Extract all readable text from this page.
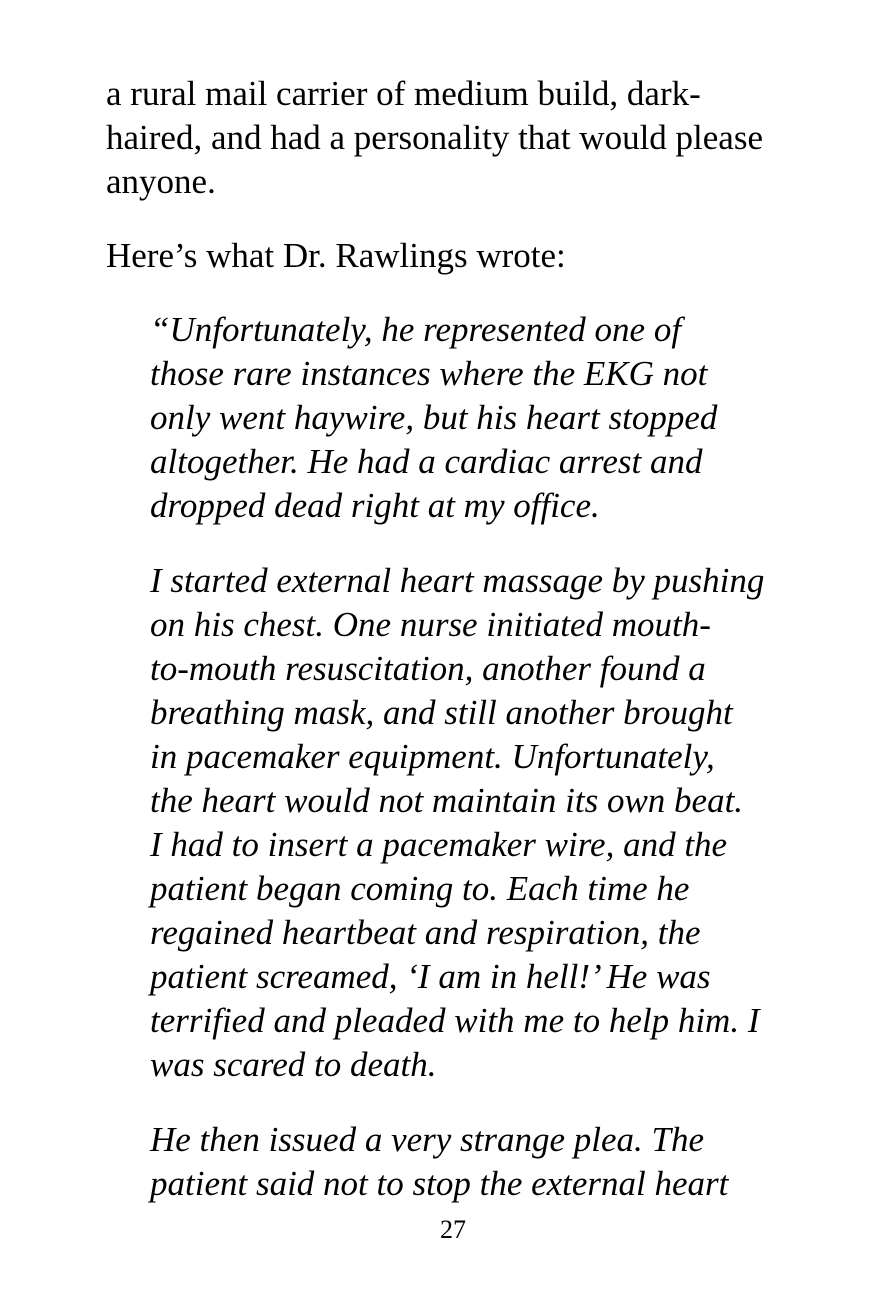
a rural mail carrier of medium build, dark-

haired, and had a personality that would please

anyone.

Here’s what Dr. Rawlings wrote:

“Unfortunately, he represented one of

those rare instances where the EKG not

only went haywire, but his heart stopped

altogether. He had a cardiac arrest and

dropped dead right at my office.

I started external heart massage by pushing

on his chest. One nurse initiated mouth-

to-mouth resuscitation, another found a

breathing mask, and still another brought

in pacemaker equipment. Unfortunately,

the heart would not maintain its own beat.

I had to insert a pacemaker wire, and the

patient began coming to. Each time he

regained heartbeat and respiration, the

patient screamed, ‘I am in hell!’ He was

terrified and pleaded with me to help him. I

was scared to death.

He then issued a very strange plea. The

patient said not to stop the external heart

27
